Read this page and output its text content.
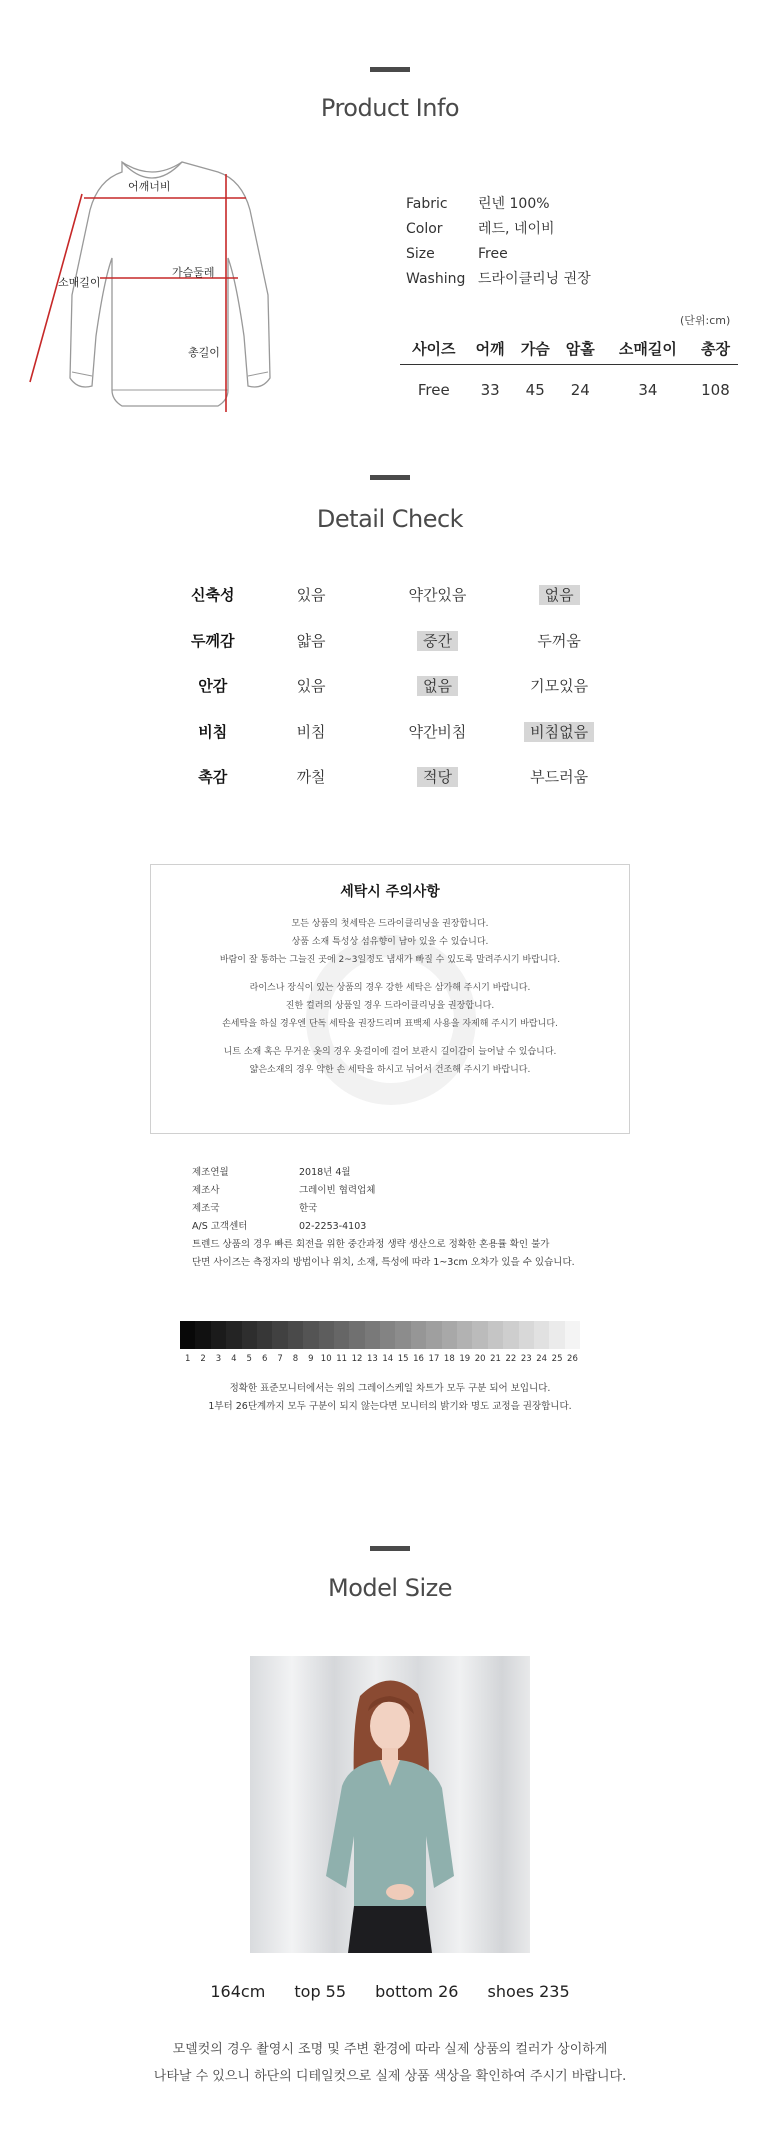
Product Info
어깨너비
소매길이
가슴둘레
총길이
Fabric	린넨 100%
Color	레드, 네이비
Size	Free
Washing 드라이클리닝 권장
(단위:cm)
사이즈	어깨	가슴	암홀	소매길이	총장
Free	33	45	24	34	108
Detail Check
신축성	있음	약간있음	없음
두께감	얇음	중간	두꺼움
안감	있음	없음	기모있음
비침	비침	약간비침	비침없음
촉감	까칠	적당	부드러움
세탁시 주의사항

모든 상품의 첫세탁은 드라이클리닝을 권장합니다.

상품 소재 특성상 섬유향이 남아 있을 수 있습니다.

바람이 잘 통하는 그늘진 곳에 2~3일정도 냄새가 빠질 수 있도록 말려주시기 바랍니다.

라이스나 장식이 있는 상품의 경우 강한 세탁은 삼가해 주시기 바랍니다.

진한 컬러의 상품일 경우 드라이클리닝을 권장합니다.

손세탁을 하실 경우엔 단독 세탁을 권장드리며 표백제 사용을 자제해 주시기 바랍니다.

니트 소재 혹은 무거운 옷의 경우 옷걸이에 걸어 보관시 길이감이 늘어날 수 있습니다.

얇은소재의 경우 약한 손 세탁을 하시고 뉘어서 건조해 주시기 바랍니다.

제조연월	2018년 4월
제조사	그레이빈 협력업체
제조국	한국
A/S 고객센터	02-2253-4103
트렌드 상품의 경우 빠른 회전을 위한 중간과정 생략 생산으로 정확한 혼용률 확인 불가
단면 사이즈는 측정자의 방법이나 위치, 소재, 특성에 따라 1~3cm 오차가 있을 수 있습니다.
1	2	3	4	5	6	7	8	9 10 11 12 13 14 15 16 17 18 19 20 21 22 23 24 25 26
정확한 표준모니터에서는 위의 그레이스케일 차트가 모두 구분 되어 보입니다.
1부터 26단계까지 모두 구분이 되지 않는다면 모니터의 밝기와 명도 교정을 권장합니다.
Model Size
164cm top 55 bottom 26 shoes 235
모델컷의 경우 촬영시 조명 및 주변 환경에 따라 실제 상품의 컬러가 상이하게
나타날 수 있으니 하단의 디테일컷으로 실제 상품 색상을 확인하여 주시기 바랍니다.
